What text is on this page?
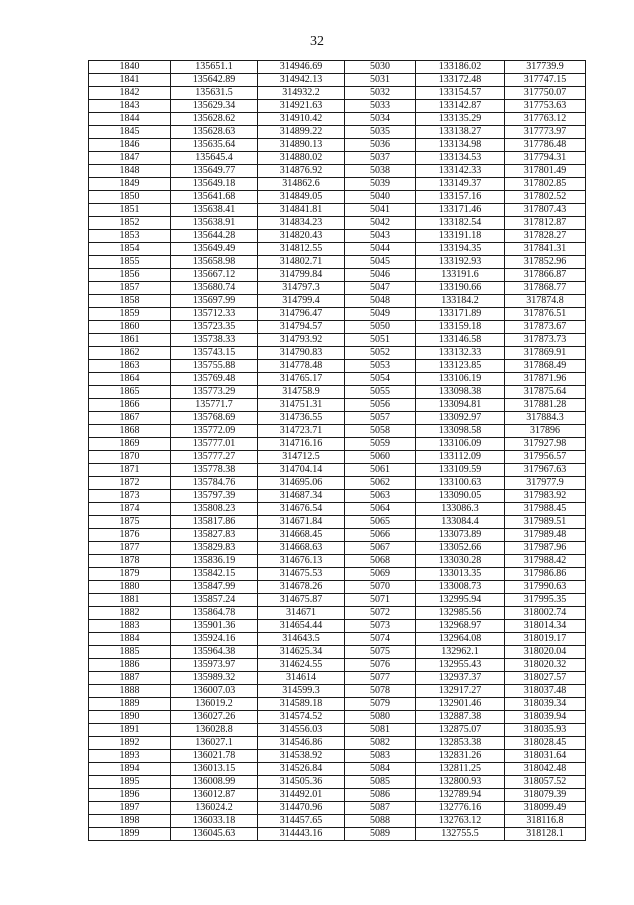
32
1840	135651.1	314946.69	5030	133186.02	317739.9
1841	135642.89	314942.13	5031	133172.48	317747.15
1842	135631.5	314932.2	5032	133154.57	317750.07
1843	135629.34	314921.63	5033	133142.87	317753.63
1844	135628.62	314910.42	5034	133135.29	317763.12
1845	135628.63	314899.22	5035	133138.27	317773.97
1846	135635.64	314890.13	5036	133134.98	317786.48
1847	135645.4	314880.02	5037	133134.53	317794.31
1848	135649.77	314876.92	5038	133142.33	317801.49
1849	135649.18	314862.6	5039	133149.37	317802.85
1850	135641.68	314849.05	5040	133157.16	317802.52
1851	135638.41	314841.81	5041	133171.46	317807.43
1852	135638.91	314834.23	5042	133182.54	317812.87
1853	135644.28	314820.43	5043	133191.18	317828.27
1854	135649.49	314812.55	5044	133194.35	317841.31
1855	135658.98	314802.71	5045	133192.93	317852.96
1856	135667.12	314799.84	5046	133191.6	317866.87
1857	135680.74	314797.3	5047	133190.66	317868.77
1858	135697.99	314799.4	5048	133184.2	317874.8
1859	135712.33	314796.47	5049	133171.89	317876.51
1860	135723.35	314794.57	5050	133159.18	317873.67
1861	135738.33	314793.92	5051	133146.58	317873.73
1862	135743.15	314790.83	5052	133132.33	317869.91
1863	135755.88	314778.48	5053	133123.85	317868.49
1864	135769.48	314765.17	5054	133106.19	317871.96
1865	135773.29	314758.9	5055	133098.38	317875.64
1866	135771.7	314751.31	5056	133094.81	317881.28
1867	135768.69	314736.55	5057	133092.97	317884.3
1868	135772.09	314723.71	5058	133098.58	317896
1869	135777.01	314716.16	5059	133106.09	317927.98
1870	135777.27	314712.5	5060	133112.09	317956.57
1871	135778.38	314704.14	5061	133109.59	317967.63
1872	135784.76	314695.06	5062	133100.63	317977.9
1873	135797.39	314687.34	5063	133090.05	317983.92
1874	135808.23	314676.54	5064	133086.3	317988.45
1875	135817.86	314671.84	5065	133084.4	317989.51
1876	135827.83	314668.45	5066	133073.89	317989.48
1877	135829.83	314668.63	5067	133052.66	317987.96
1878	135836.19	314676.13	5068	133030.28	317988.42
1879	135842.15	314675.53	5069	133013.35	317986.86
1880	135847.99	314678.26	5070	133008.73	317990.63
1881	135857.24	314675.87	5071	132995.94	317995.35
1882	135864.78	314671	5072	132985.56	318002.74
1883	135901.36	314654.44	5073	132968.97	318014.34
1884	135924.16	314643.5	5074	132964.08	318019.17
1885	135964.38	314625.34	5075	132962.1	318020.04
1886	135973.97	314624.55	5076	132955.43	318020.32
1887	135989.32	314614	5077	132937.37	318027.57
1888	136007.03	314599.3	5078	132917.27	318037.48
1889	136019.2	314589.18	5079	132901.46	318039.34
1890	136027.26	314574.52	5080	132887.38	318039.94
1891	136028.8	314556.03	5081	132875.07	318035.93
1892	136027.1	314546.86	5082	132853.38	318028.45
1893	136021.78	314538.92	5083	132831.26	318031.64
1894	136013.15	314526.84	5084	132811.25	318042.48
1895	136008.99	314505.36	5085	132800.93	318057.52
1896	136012.87	314492.01	5086	132789.94	318079.39
1897	136024.2	314470.96	5087	132776.16	318099.49
1898	136033.18	314457.65	5088	132763.12	318116.8
1899	136045.63	314443.16	5089	132755.5	318128.1
